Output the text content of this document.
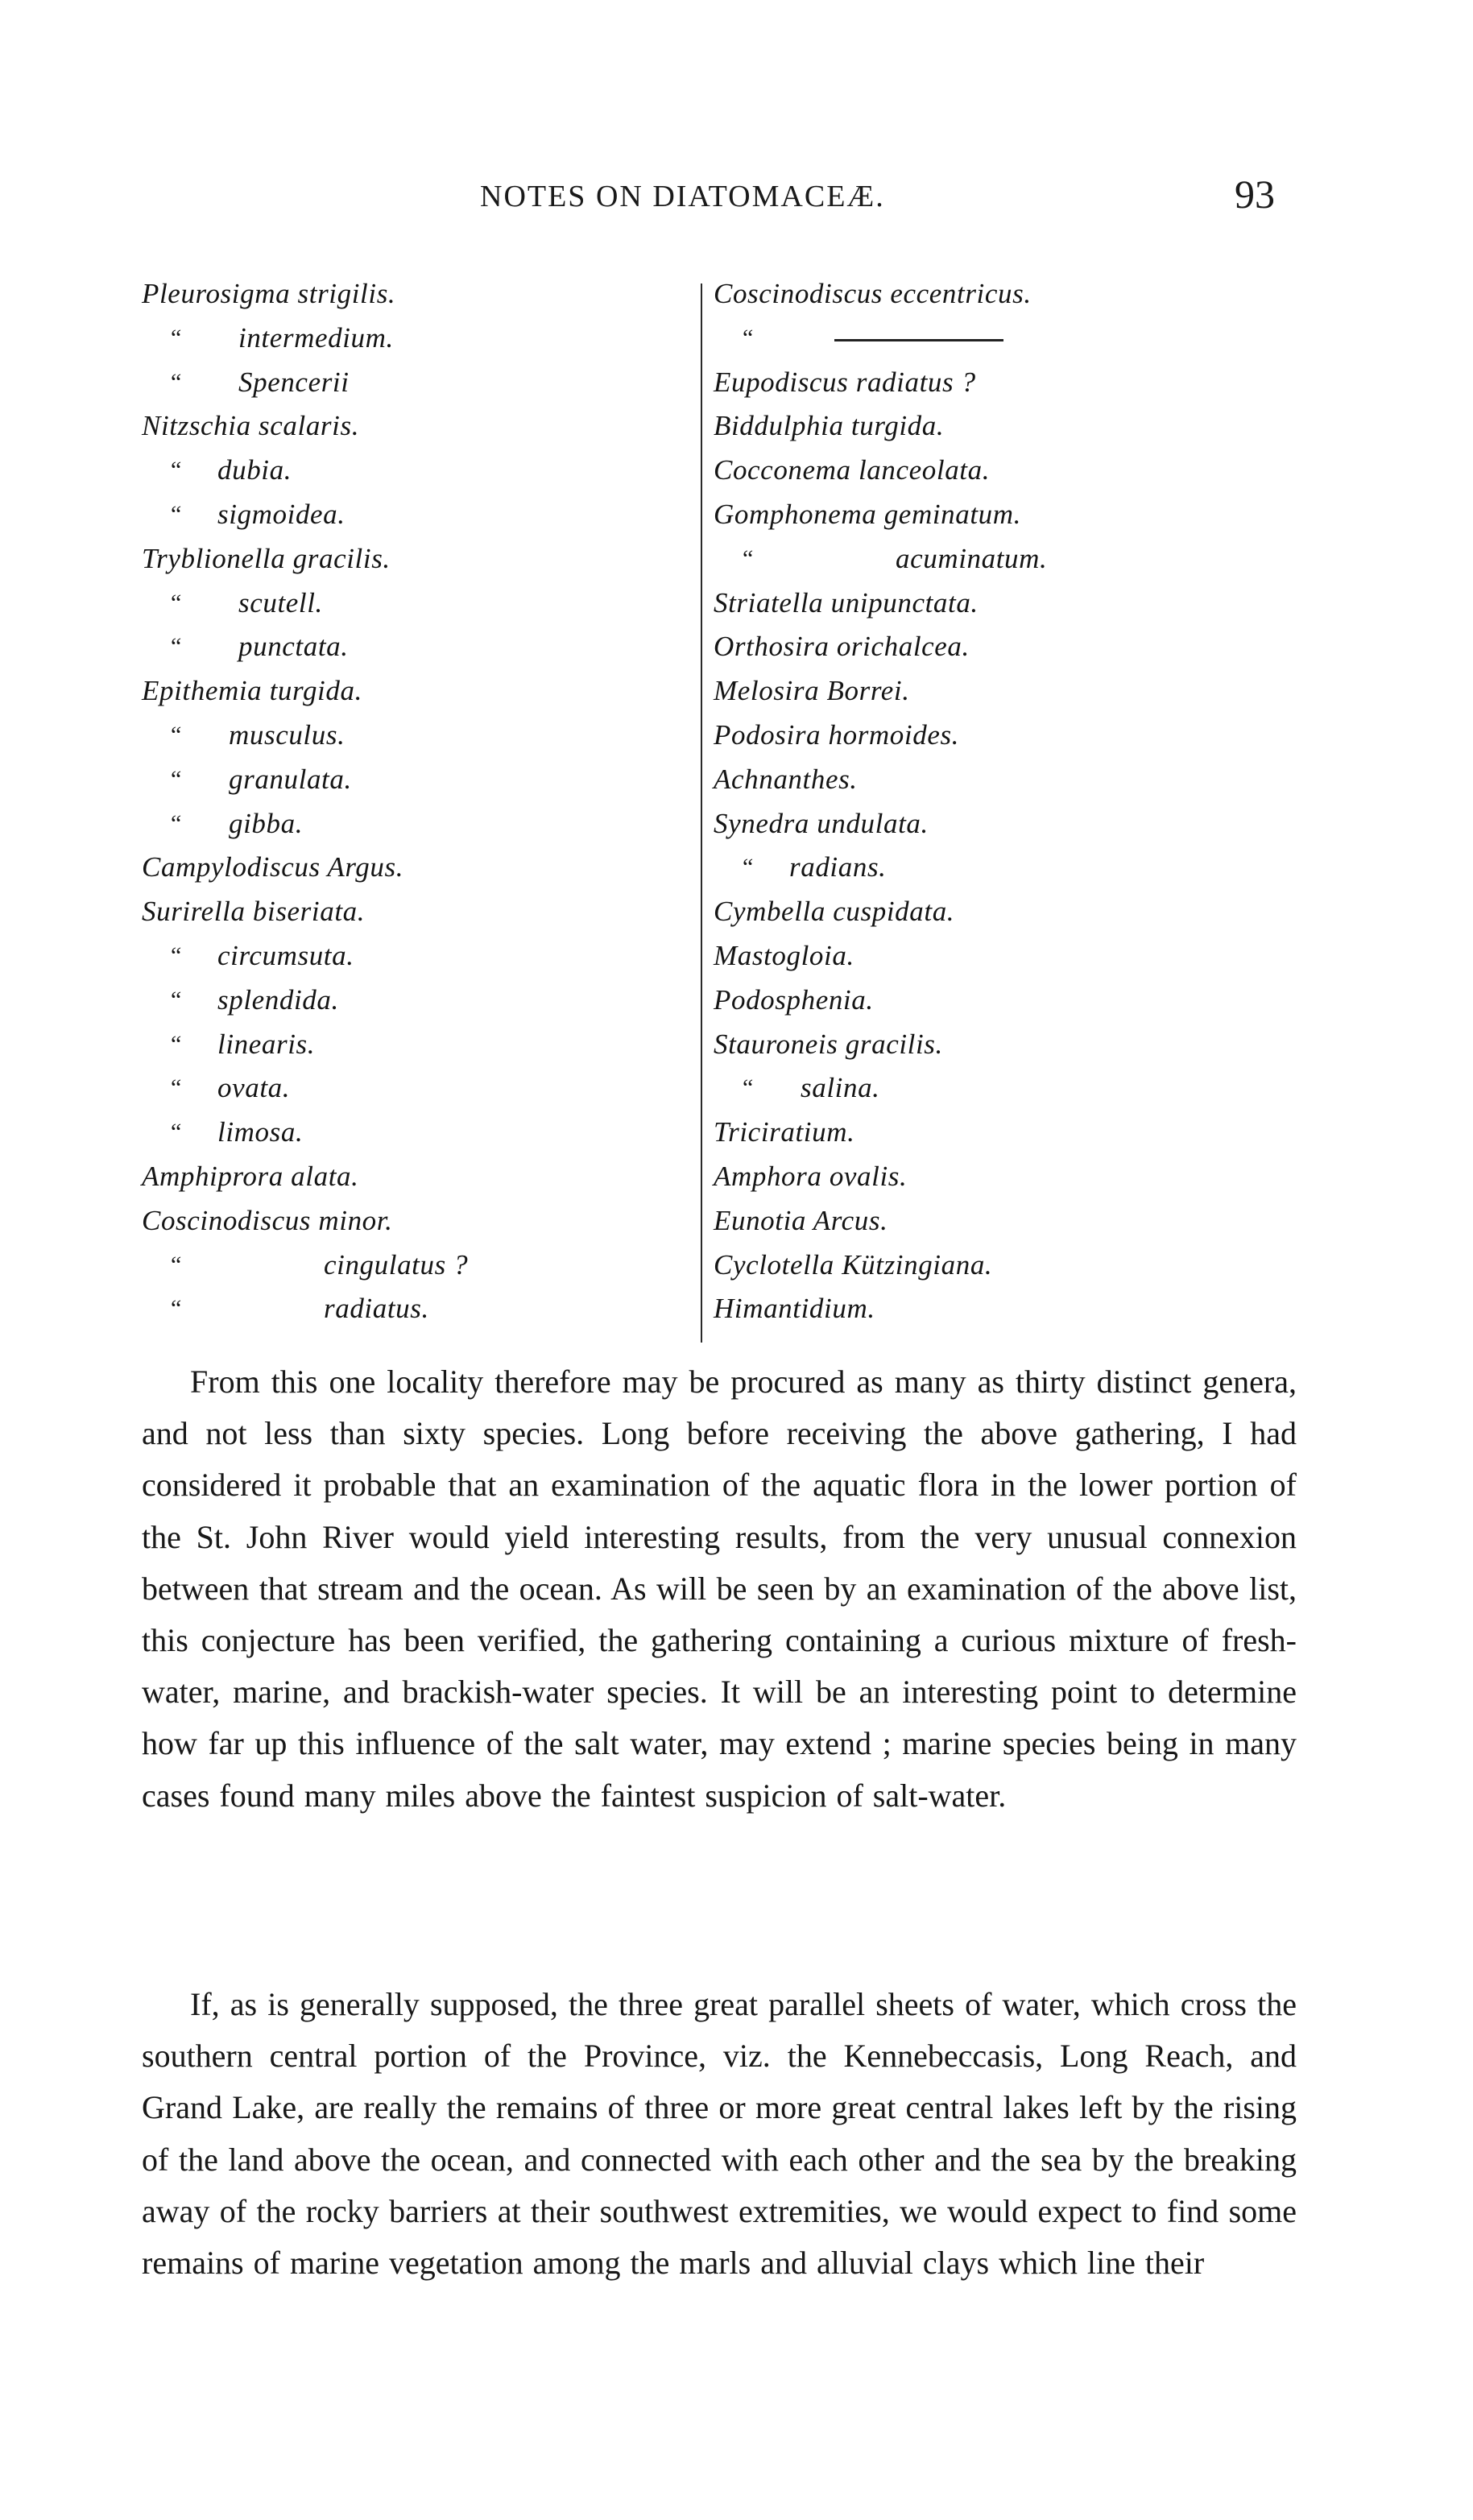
NOTES ON DIATOMACEÆ.	93
Pleurosigma strigilis.
“ intermedium.
“ Spencerii
Nitzschia scalaris.
“ dubia.
“ sigmoidea.
Tryblionella gracilis.
“ scutell.
“ punctata.
Epithemia turgida.
“ musculus.
“ granulata.
“ gibba.
Campylodiscus Argus.
Surirella biseriata.
“ circumsuta.
“ splendida.
“ linearis.
“ ovata.
“ limosa.
Amphiprora alata.
Coscinodiscus minor.
“	cingulatus ?
“	radiatus.
Coscinodiscus eccentricus.
“
Eupodiscus radiatus ?
Biddulphia turgida.
Cocconema lanceolata.
Gomphonema geminatum.
“	acuminatum.
Striatella unipunctata.
Orthosira orichalcea.
Melosira Borrei.
Podosira hormoides.
Achnanthes.
Synedra undulata.
“ radians.
Cymbella cuspidata.
Mastogloia.
Podosphenia.
Stauroneis gracilis.
“ salina.
Triciratium.
Amphora ovalis.
Eunotia Arcus.
Cyclotella Kützingiana.
Himantidium.

From this one locality therefore may be procured as many as thirty distinct genera, and not less than sixty species. Long before receiving the above gathering, I had considered it probable that an examination of the aquatic flora in the lower portion of the St. John River would yield interesting results, from the very unusual connexion between that stream and the ocean. As will be seen by an examination of the above list, this conjecture has been verified, the gathering containing a curious mixture of fresh-water, marine, and brackish-water species. It will be an interesting point to determine how far up this influence of the salt water, may extend ; marine species being in many cases found many miles above the faintest suspicion of salt-water.

If, as is generally supposed, the three great parallel sheets of water, which cross the southern central portion of the Province, viz. the Kennebeccasis, Long Reach, and Grand Lake, are really the remains of three or more great central lakes left by the rising of the land above the ocean, and connected with each other and the sea by the breaking away of the rocky barriers at their southwest extremities, we would expect to find some remains of marine vegetation among the marls and alluvial clays which line their
